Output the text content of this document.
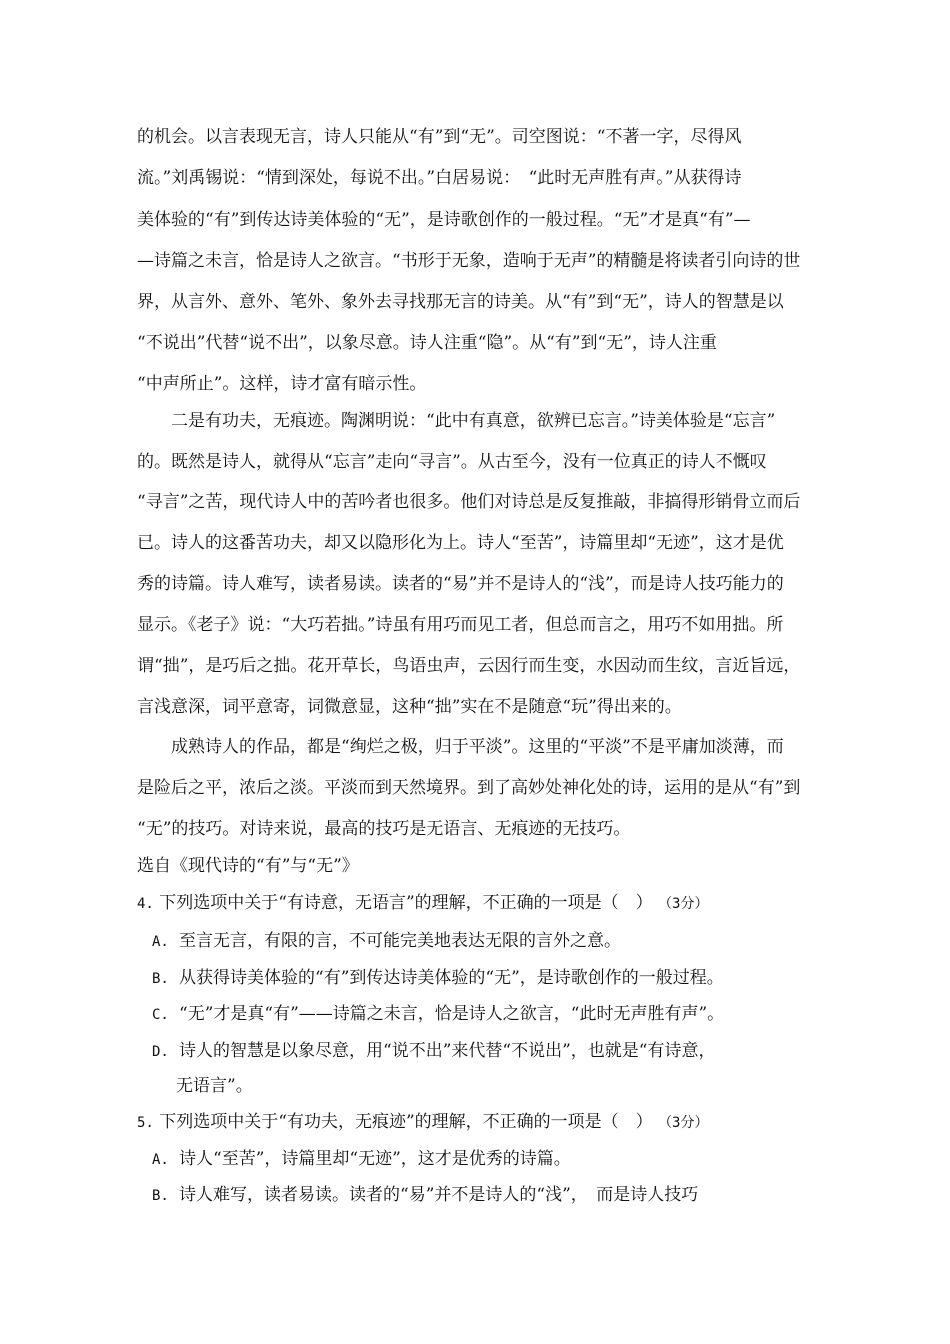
的机会。以言表现无言，诗人只能从“有”到“无”。司空图说：“不著一字，尽得风
流。”刘禹锡说：“情到深处，每说不出。”白居易说：　“此时无声胜有声。”从获得诗
美体验的“有”到传达诗美体验的“无”，是诗歌创作的一般过程。“无”才是真“有”—
—诗篇之未言，恰是诗人之欲言。“书形于无象，造响于无声”的精髓是将读者引向诗的世
界，从言外、意外、笔外、象外去寻找那无言的诗美。从“有”到“无”，诗人的智慧是以
“不说出”代替“说不出”，以象尽意。诗人注重“隐”。从“有”到“无”，诗人注重
“中声所止”。这样，诗才富有暗示性。
二是有功夫，无痕迹。陶渊明说：“此中有真意，欲辨已忘言。”诗美体验是“忘言”
的。既然是诗人，就得从“忘言”走向“寻言”。从古至今，没有一位真正的诗人不慨叹
“寻言”之苦，现代诗人中的苦吟者也很多。他们对诗总是反复推敲，非搞得形销骨立而后
已。诗人的这番苦功夫，却又以隐形化为上。诗人“至苦”，诗篇里却“无迹”，这才是优
秀的诗篇。诗人难写，读者易读。读者的“易”并不是诗人的“浅”，而是诗人技巧能力的
显示。《老子》说：“大巧若拙。”诗虽有用巧而见工者，但总而言之，用巧不如用拙。所
谓“拙”，是巧后之拙。花开草长，鸟语虫声，云因行而生变，水因动而生纹，言近旨远，
言浅意深，词平意寄，词微意显，这种“拙”实在不是随意“玩”得出来的。
成熟诗人的作品，都是“绚烂之极，归于平淡”。这里的“平淡”不是平庸加淡薄，而
是险后之平，浓后之淡。平淡而到天然境界。到了高妙处神化处的诗，运用的是从“有”到
“无”的技巧。对诗来说，最高的技巧是无语言、无痕迹的无技巧。
选自《现代诗的“有”与“无”》
4. 下列选项中关于“有诗意，无语言”的理解，不正确的一项是（　） （3分）
A. 至言无言，有限的言，不可能完美地表达无限的言外之意。
B. 从获得诗美体验的“有”到传达诗美体验的“无”，是诗歌创作的一般过程。
C. “无”才是真“有”——诗篇之未言，恰是诗人之欲言，“此时无声胜有声”。
D. 诗人的智慧是以象尽意，用“说不出”来代替“不说出”，也就是“有诗意，
无语言”。
5. 下列选项中关于“有功夫，无痕迹”的理解，不正确的一项是（　） （3分）
A. 诗人“至苦”，诗篇里却“无迹”，这才是优秀的诗篇。
B. 诗人难写，读者易读。读者的“易”并不是诗人的“浅”，　而是诗人技巧
